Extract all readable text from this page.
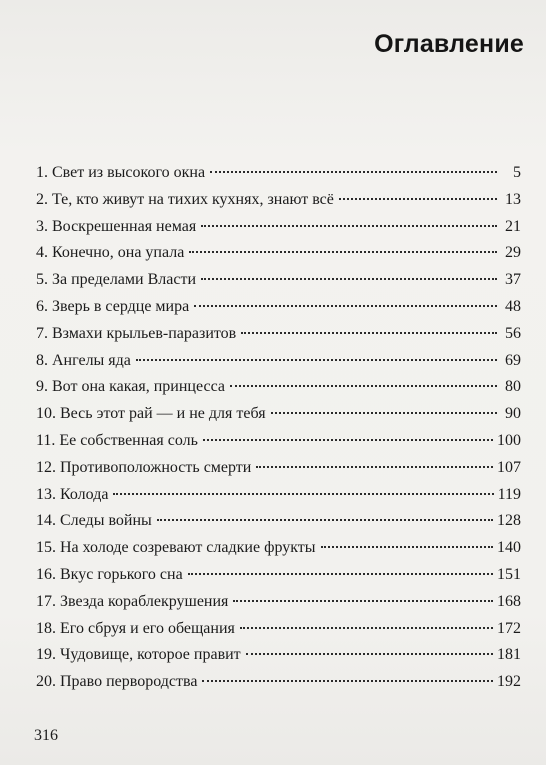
Оглавление
1. Свет из высокого окна	5
2. Те, кто живут на тихих кухнях, знают всё	13
3. Воскрешенная немая	21
4. Конечно, она упала	29
5. За пределами Власти	37
6. Зверь в сердце мира	48
7. Взмахи крыльев-паразитов	56
8. Ангелы яда	69
9. Вот она какая, принцесса	80
10. Весь этот рай — и не для тебя	90
11. Ее собственная соль	100
12. Противоположность смерти	107
13. Колода	119
14. Следы войны	128
15. На холоде созревают сладкие фрукты	140
16. Вкус горького сна	151
17. Звезда кораблекрушения	168
18. Его сбруя и его обещания	172
19. Чудовище, которое правит	181
20. Право первородства	192
316
